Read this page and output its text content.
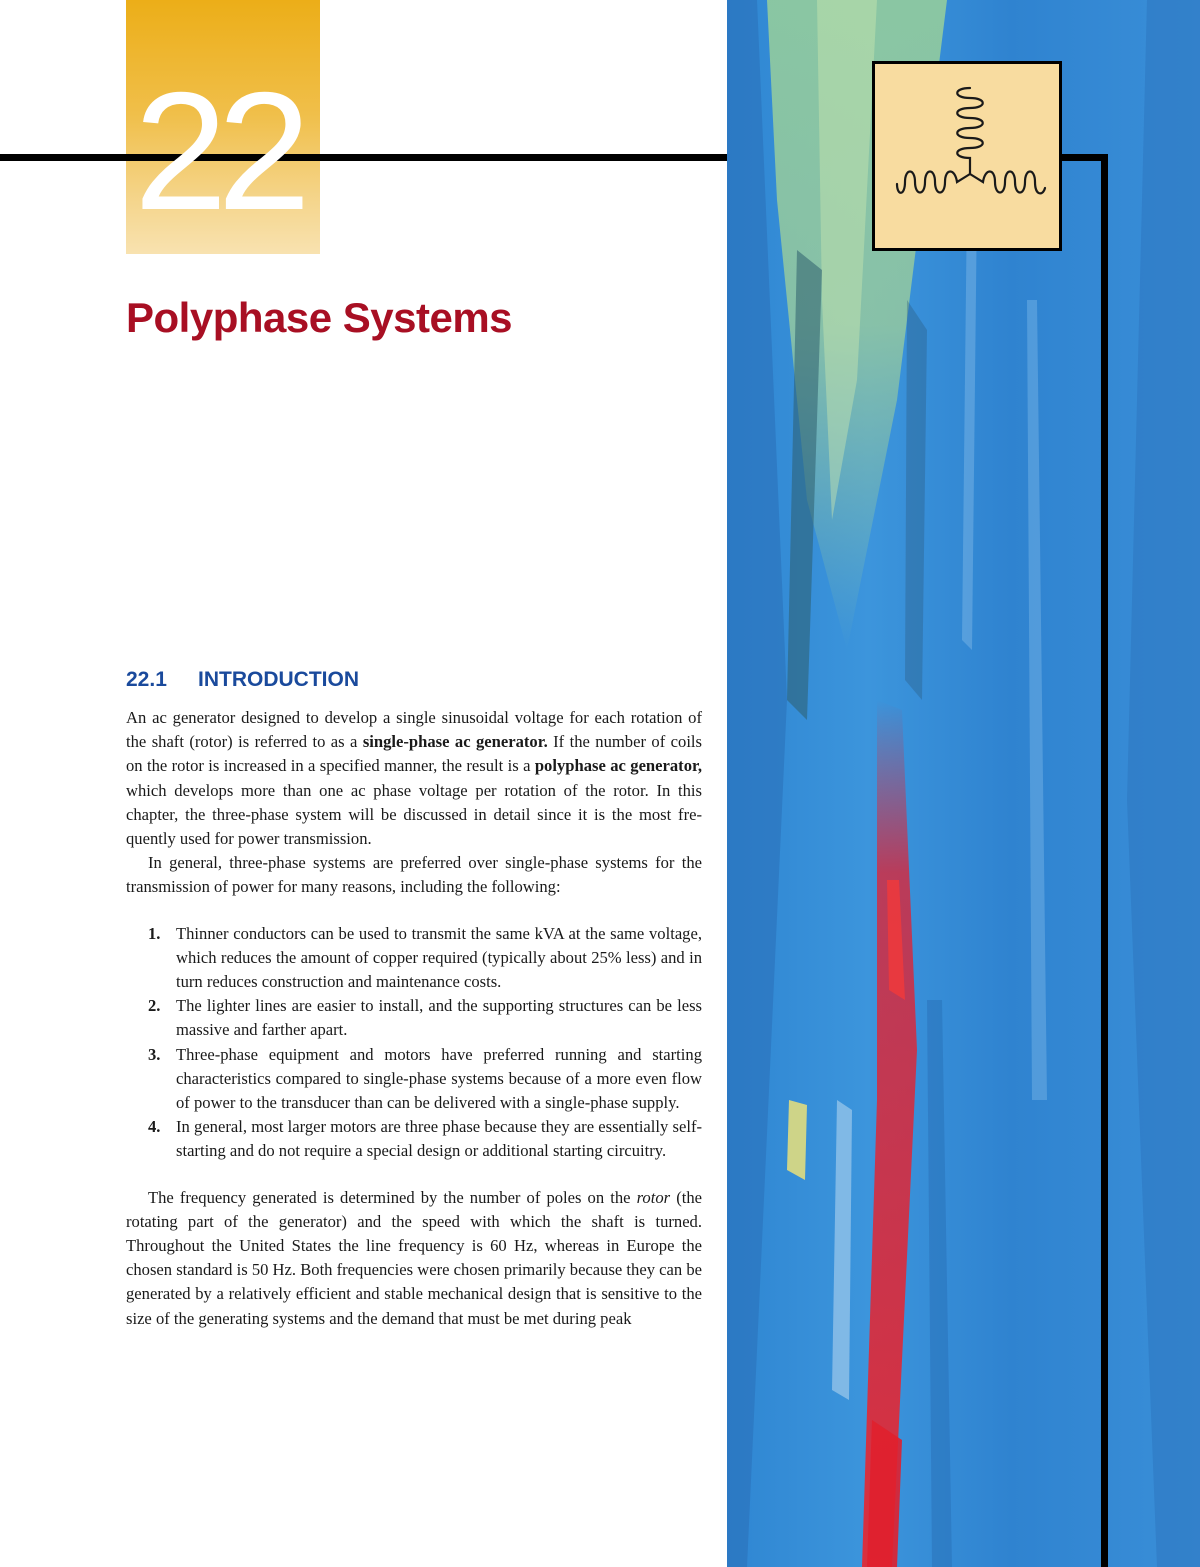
22
Polyphase Systems
22.1 INTRODUCTION

An ac generator designed to develop a single sinusoidal voltage for each rotation of the shaft (rotor) is referred to as a single-phase ac generator. If the number of coils on the rotor is increased in a specified manner, the result is a polyphase ac generator, which develops more than one ac phase voltage per rotation of the rotor. In this chapter, the three-phase system will be discussed in detail since it is the most frequently used for power transmission.

In general, three-phase systems are preferred over single-phase systems for the transmission of power for many reasons, including the following:

1. Thinner conductors can be used to transmit the same kVA at the same voltage, which reduces the amount of copper required (typically about 25% less) and in turn reduces construction and maintenance costs.
2. The lighter lines are easier to install, and the supporting structures can be less massive and farther apart.
3. Three-phase equipment and motors have preferred running and starting characteristics compared to single-phase systems because of a more even flow of power to the transducer than can be delivered with a single-phase supply.
4. In general, most larger motors are three phase because they are essentially self-starting and do not require a special design or additional starting circuitry.

The frequency generated is determined by the number of poles on the rotor (the rotating part of the generator) and the speed with which the shaft is turned. Throughout the United States the line frequency is 60 Hz, whereas in Europe the chosen standard is 50 Hz. Both frequencies were chosen primarily because they can be generated by a relatively efficient and stable mechanical design that is sensitive to the size of the generating systems and the demand that must be met during peak
